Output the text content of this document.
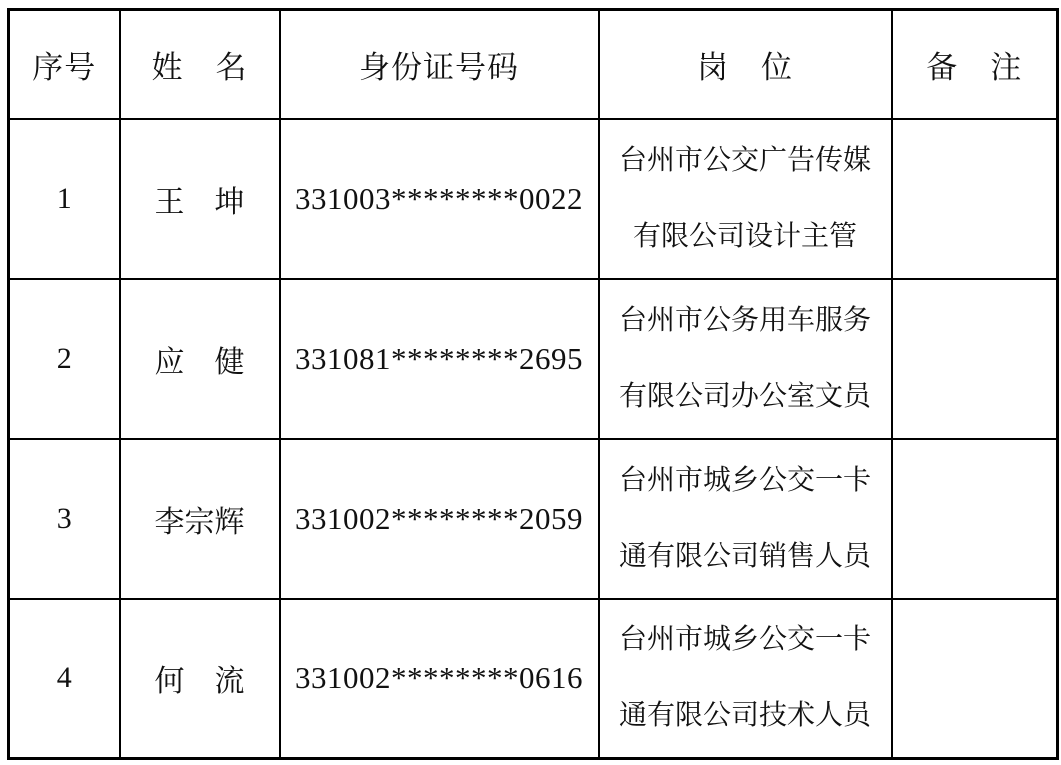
序号	姓　名	身份证号码	岗　位	备　注
1	王　坤	331003********0022	台州市公交广告传媒
有限公司设计主管	

2	应　健	331081********2695	台州市公务用车服务
有限公司办公室文员	

3	李宗辉	331002********2059	台州市城乡公交一卡
通有限公司销售人员	

4	何　流	331002********0616	台州市城乡公交一卡
通有限公司技术人员	
